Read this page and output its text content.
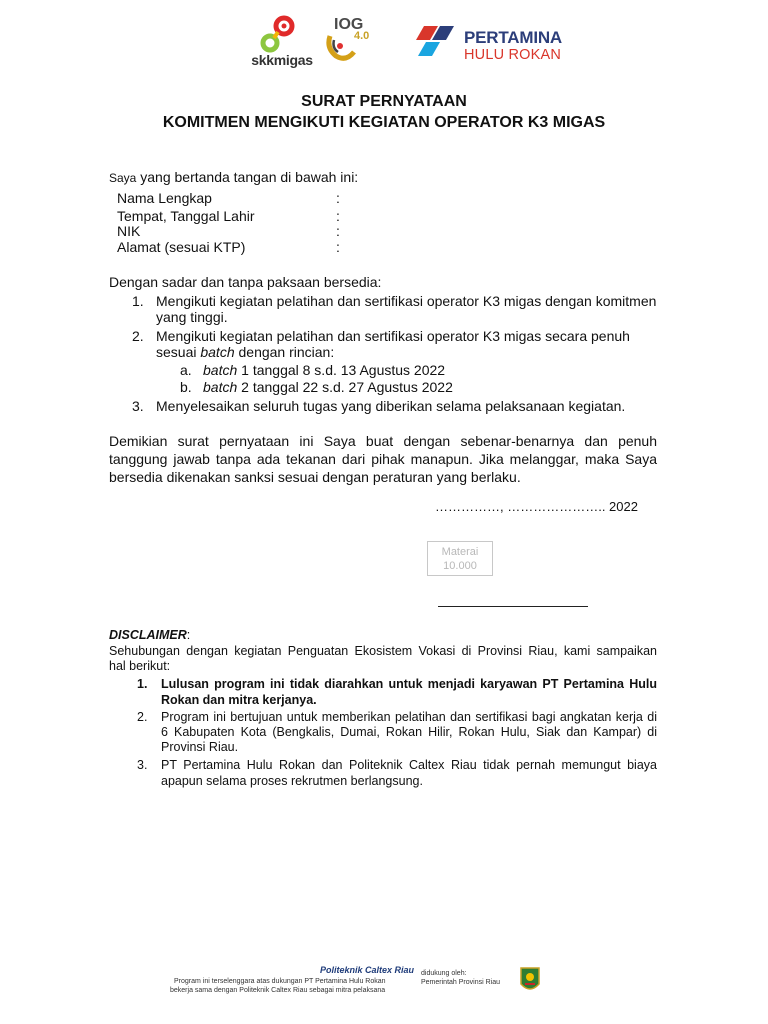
skkmigas
IOG
4.0	PERTAMINA
HULU ROKAN
SURAT PERNYATAAN
KOMITMEN MENGIKUTI KEGIATAN OPERATOR K3 MIGAS
Saya yang bertanda tangan di bawah ini:
Nama Lengkap	:
Tempat, Tanggal Lahir	:
NIK	:
Alamat (sesuai KTP)	:
Dengan sadar dan tanpa paksaan bersedia:
1. Mengikuti kegiatan pelatihan dan sertifikasi operator K3 migas dengan komitmen
yang tinggi.
2. Mengikuti kegiatan pelatihan dan sertifikasi operator K3 migas secara penuh
sesuai batch dengan rincian:
a. batch 1 tanggal 8 s.d. 13 Agustus 2022
b. batch 2 tanggal 22 s.d. 27 Agustus 2022
3. Menyelesaikan seluruh tugas yang diberikan selama pelaksanaan kegiatan.
Demikian surat pernyataan ini Saya buat dengan sebenar-benarnya dan penuh
tanggung jawab tanpa ada tekanan dari pihak manapun. Jika melanggar, maka Saya
bersedia dikenakan sanksi sesuai dengan peraturan yang berlaku.
……………, ………………….. 2022
Materai
10.000
DISCLAIMER:
Sehubungan dengan kegiatan Penguatan Ekosistem Vokasi di Provinsi Riau, kami sampaikan
hal berikut:
1. Lulusan program ini tidak diarahkan untuk menjadi karyawan PT Pertamina Hulu
Rokan dan mitra kerjanya.
2. Program ini bertujuan untuk memberikan pelatihan dan sertifikasi bagi angkatan kerja di
6 Kabupaten Kota (Bengkalis, Dumai, Rokan Hilir, Rokan Hulu, Siak dan Kampar) di
Provinsi Riau.
3. PT Pertamina Hulu Rokan dan Politeknik Caltex Riau tidak pernah memungut biaya
apapun selama proses rekrutmen berlangsung.
Politeknik Caltex Riau
Program ini terselenggara atas dukungan PT Pertamina Hulu Rokan
bekerja sama dengan Politeknik Caltex Riau sebagai mitra pelaksana
didukung oleh:
Pemerintah Provinsi Riau
